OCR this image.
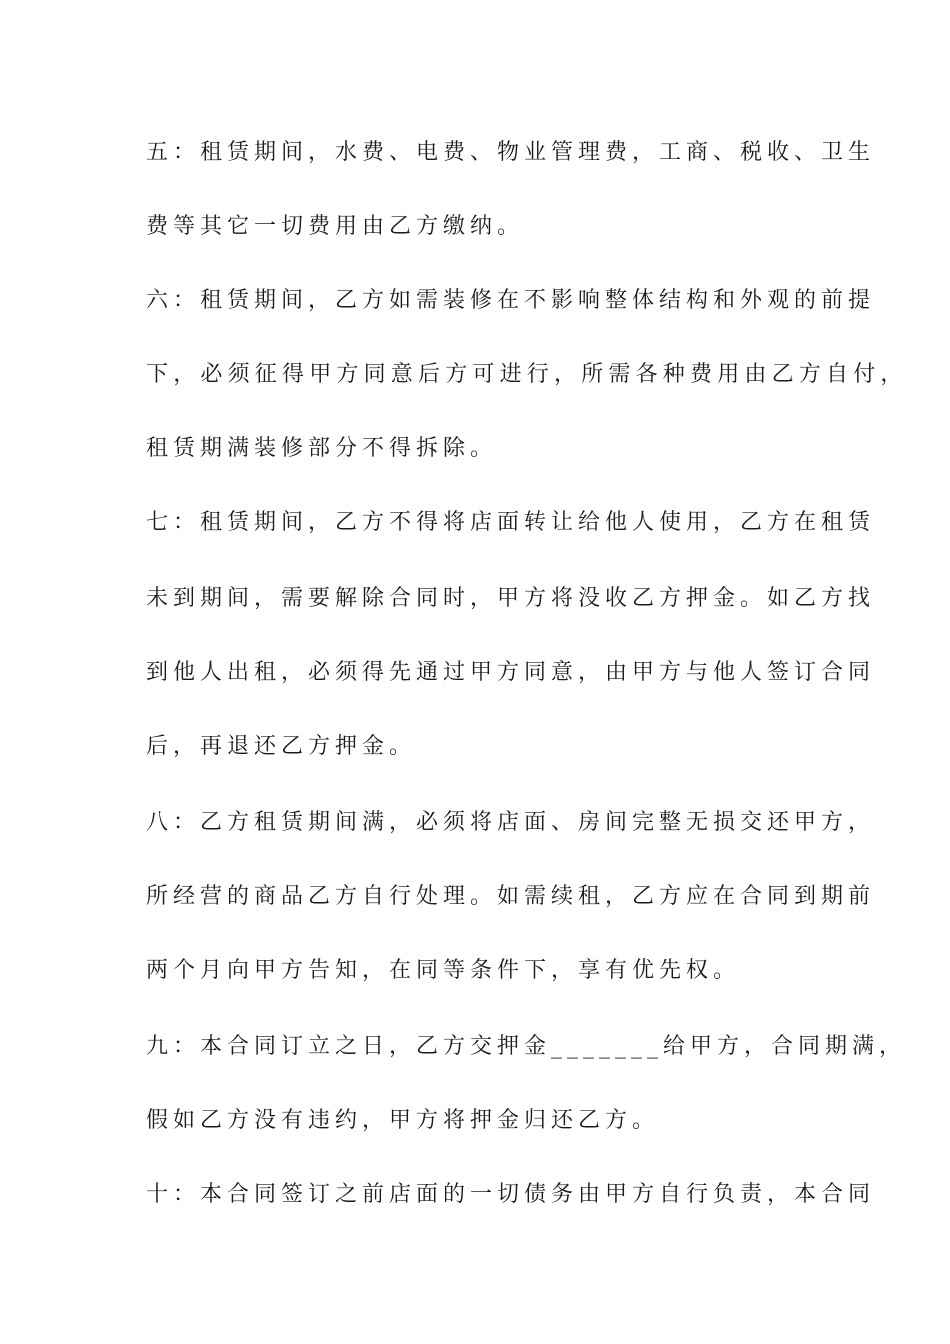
五：租赁期间，水费、电费、物业管理费，工商、税收、卫生

费等其它一切费用由乙方缴纳。

六：租赁期间，乙方如需装修在不影响整体结构和外观的前提

下，必须征得甲方同意后方可进行，所需各种费用由乙方自付，

租赁期满装修部分不得拆除。

七：租赁期间，乙方不得将店面转让给他人使用，乙方在租赁

未到期间，需要解除合同时，甲方将没收乙方押金。如乙方找

到他人出租，必须得先通过甲方同意，由甲方与他人签订合同

后，再退还乙方押金。

八：乙方租赁期间满，必须将店面、房间完整无损交还甲方，

所经营的商品乙方自行处理。如需续租，乙方应在合同到期前

两个月向甲方告知，在同等条件下，享有优先权。

九：本合同订立之日，乙方交押金_______给甲方，合同期满，

假如乙方没有违约，甲方将押金归还乙方。

十：本合同签订之前店面的一切债务由甲方自行负责，本合同
